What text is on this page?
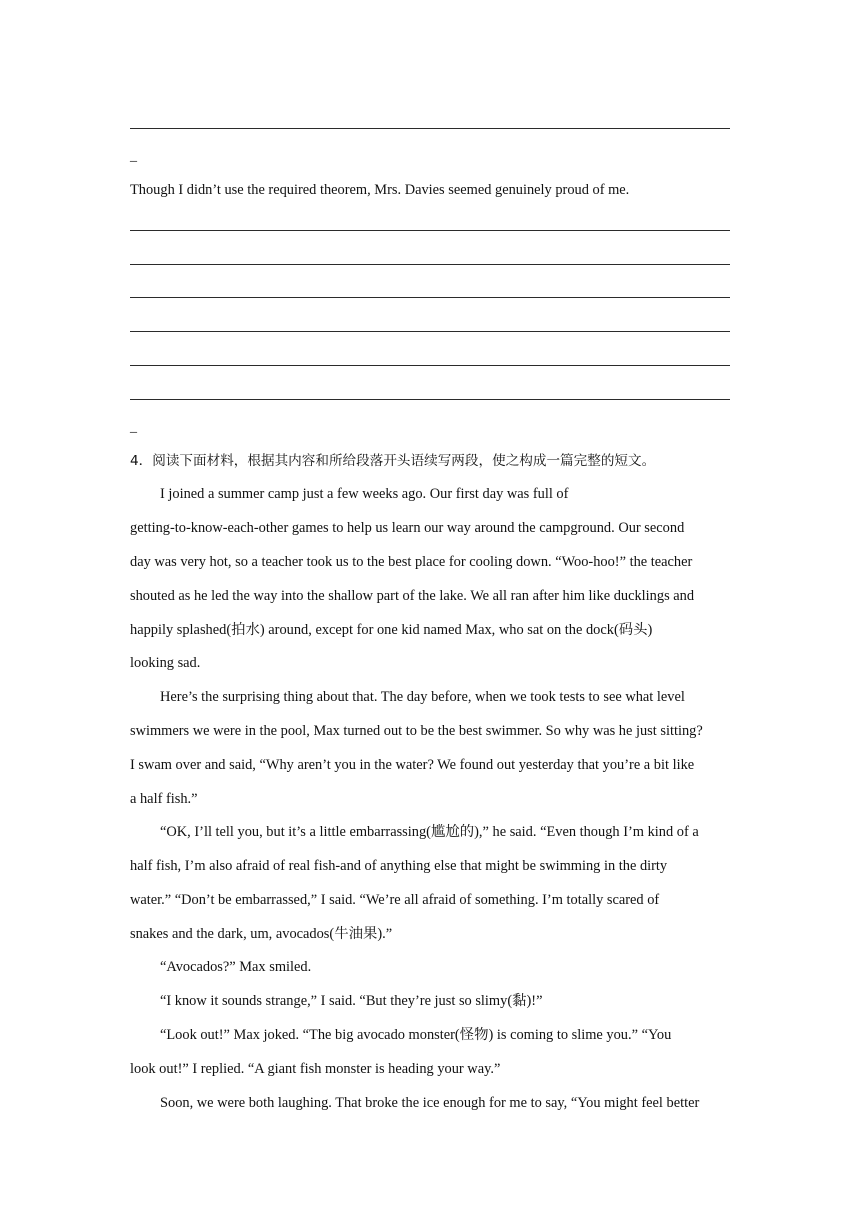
_
Though I didn’t use the required theorem, Mrs. Davies seemed genuinely proud of me.
_
4．阅读下面材料，根据其内容和所给段落开头语续写两段，使之构成一篇完整的短文。
I joined a summer camp just a few weeks ago. Our first day was full of
getting-to-know-each-other games to help us learn our way around the campground. Our second
day was very hot, so a teacher took us to the best place for cooling down. “Woo-hoo!” the teacher
shouted as he led the way into the shallow part of the lake. We all ran after him like ducklings and
happily splashed(拍水) around, except for one kid named Max, who sat on the dock(码头)
looking sad.
Here’s the surprising thing about that. The day before, when we took tests to see what level
swimmers we were in the pool, Max turned out to be the best swimmer. So why was he just sitting?
I swam over and said, “Why aren’t you in the water? We found out yesterday that you’re a bit like
a half fish.”
“OK, I’ll tell you, but it’s a little embarrassing(尴尬的),” he said. “Even though I’m kind of a
half fish, I’m also afraid of real fish-and of anything else that might be swimming in the dirty
water.” “Don’t be embarrassed,” I said. “We’re all afraid of something. I’m totally scared of
snakes and the dark, um, avocados(牛油果).”
“Avocados?” Max smiled.
“I know it sounds strange,” I said. “But they’re just so slimy(黏)!”
“Look out!” Max joked. “The big avocado monster(怪物) is coming to slime you.” “You
look out!” I replied. “A giant fish monster is heading your way.”
Soon, we were both laughing. That broke the ice enough for me to say, “You might feel better
